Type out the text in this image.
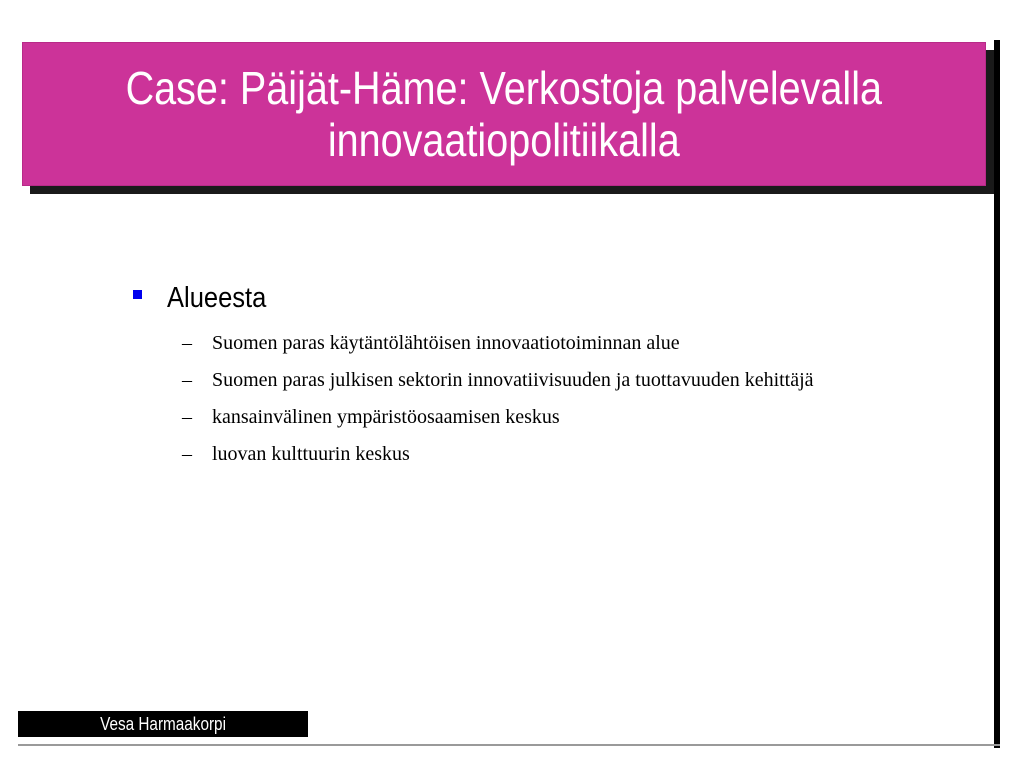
Case: Päijät-Häme: Verkostoja palvelevalla
innovaatiopolitiikalla
Alueesta
– Suomen paras käytäntölähtöisen innovaatiotoiminnan alue
– Suomen paras julkisen sektorin innovatiivisuuden ja tuottavuuden kehittäjä
– kansainvälinen ympäristöosaamisen keskus
– luovan kulttuurin keskus
Vesa Harmaakorpi
